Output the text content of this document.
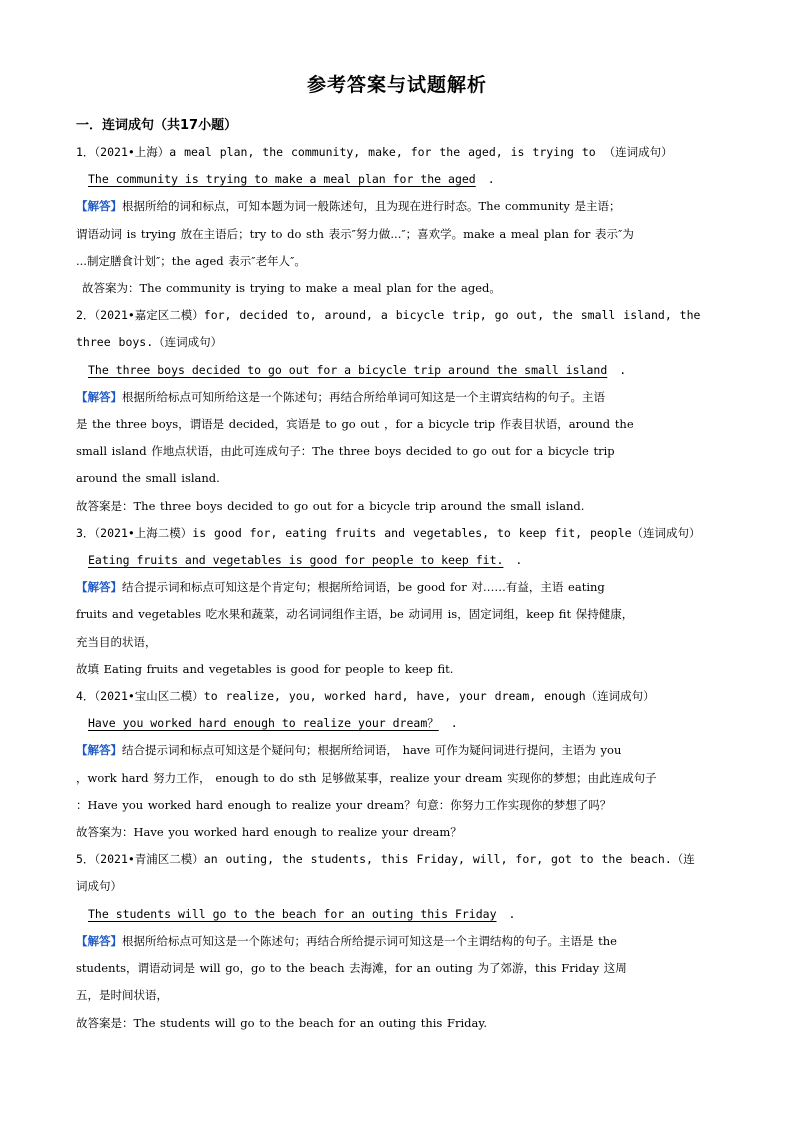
参考答案与试题解析

一．连词成句（共17小题）

1．（2021•上海）a meal plan, the community, make, for the aged, is trying to （连词成句）

The community is trying to make a meal plan for the aged .

【解答】根据所给的词和标点，可知本题为词一般陈述句，且为现在进行时态。The community 是主语；

谓语动词 is trying 放在主语后；try to do sth 表示″努力做...″；喜欢学。make a meal plan for 表示″为

...制定膳食计划″；the aged 表示″老年人″。

故答案为：The community is trying to make a meal plan for the aged。

2．（2021•嘉定区二模）for, decided to, around, a bicycle trip, go out, the small island, the

three boys.（连词成句）

The three boys decided to go out for a bicycle trip around the small island .

【解答】根据所给标点可知所给这是一个陈述句；再结合所给单词可知这是一个主谓宾结构的句子。主语

是 the three boys，谓语是 decided，宾语是 to go out ，for a bicycle trip 作表目状语，around the

small island 作地点状语，由此可连成句子：The three boys decided to go out for a bicycle trip

around the small island.

故答案是：The three boys decided to go out for a bicycle trip around the small island.

3．（2021•上海二模）is good for, eating fruits and vegetables, to keep fit, people（连词成句）

Eating fruits and vegetables is good for people to keep fit. .

【解答】结合提示词和标点可知这是个肯定句；根据所给词语，be good for 对……有益，主语 eating

fruits and vegetables 吃水果和蔬菜，动名词词组作主语，be 动词用 is，固定词组，keep fit 保持健康，

充当目的状语，

故填 Eating fruits and vegetables is good for people to keep fit.

4．（2021•宝山区二模）to realize, you, worked hard, have, your dream, enough（连词成句）

Have you worked hard enough to realize your dream？ .

【解答】结合提示词和标点可知这是个疑问句；根据所给词语， have 可作为疑问词进行提问，主语为 you

，work hard 努力工作， enough to do sth 足够做某事，realize your dream 实现你的梦想；由此连成句子

：Have you worked hard enough to realize your dream？句意：你努力工作实现你的梦想了吗？

故答案为：Have you worked hard enough to realize your dream？

5．（2021•青浦区二模）an outing, the students, this Friday, will, for, got to the beach.（连

词成句）

The students will go to the beach for an outing this Friday .

【解答】根据所给标点可知这是一个陈述句；再结合所给提示词可知这是一个主谓结构的句子。主语是 the

students，谓语动词是 will go，go to the beach 去海滩，for an outing 为了郊游，this Friday 这周

五，是时间状语，

故答案是：The students will go to the beach for an outing this Friday.
